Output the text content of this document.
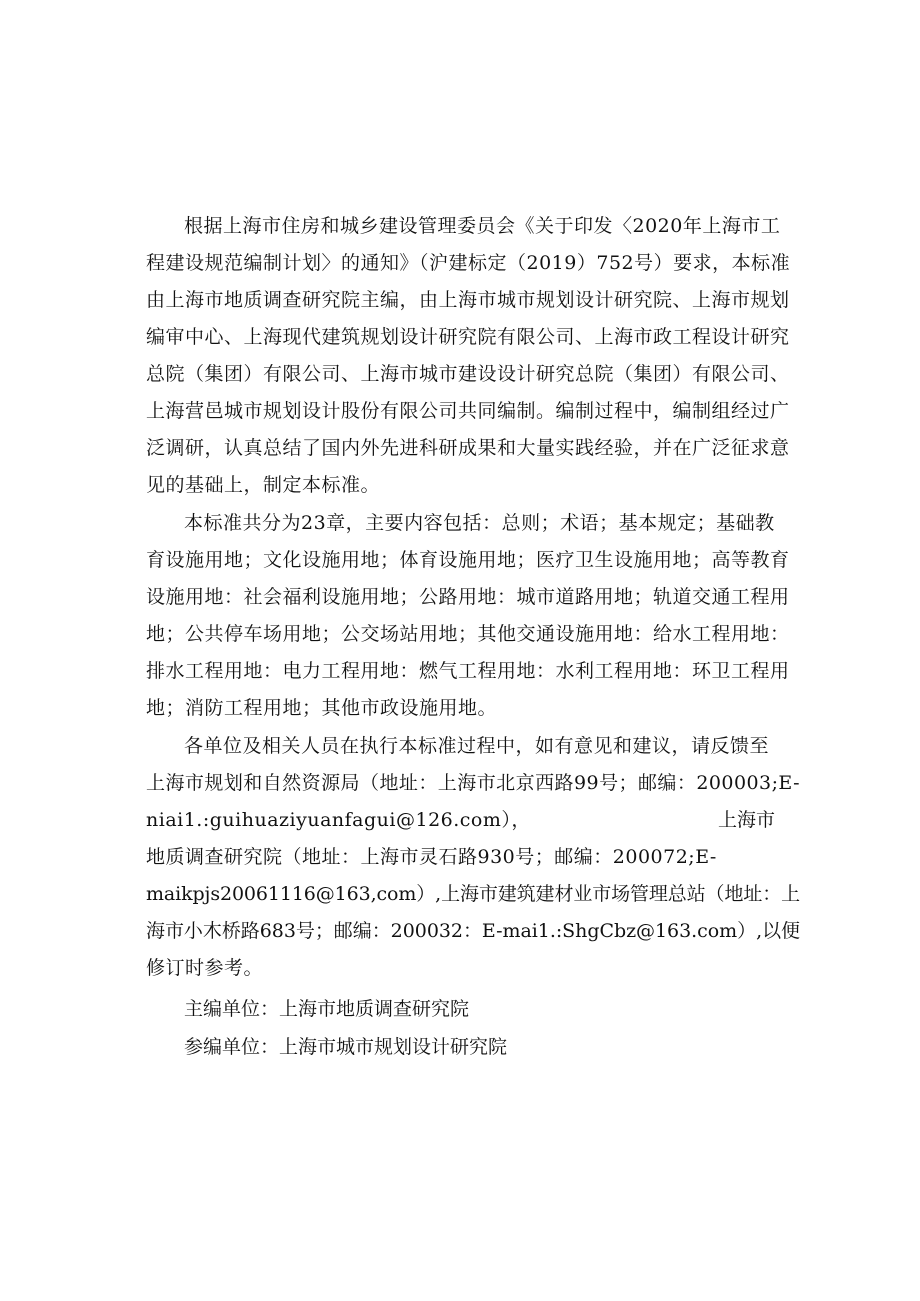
根据上海市住房和城乡建设管理委员会《关于印发〈2020年上海市工
程建设规范编制计划〉的通知》（沪建标定（2019）752号）要求，本标准
由上海市地质调查研究院主编，由上海市城市规划设计研究院、上海市规划
编审中心、上海现代建筑规划设计研究院有限公司、上海市政工程设计研究
总院（集团）有限公司、上海市城市建设设计研究总院（集团）有限公司、
上海营邑城市规划设计股份有限公司共同编制。编制过程中，编制组经过广
泛调研，认真总结了国内外先进科研成果和大量实践经验，并在广泛征求意
见的基础上，制定本标准。
本标准共分为23章，主要内容包括：总则；术语；基本规定；基础教
育设施用地；文化设施用地；体育设施用地；医疗卫生设施用地；高等教育
设施用地：社会福利设施用地；公路用地：城市道路用地；轨道交通工程用
地；公共停车场用地；公交场站用地；其他交通设施用地：给水工程用地：
排水工程用地：电力工程用地：燃气工程用地：水利工程用地：环卫工程用
地；消防工程用地；其他市政设施用地。
各单位及相关人员在执行本标准过程中，如有意见和建议，请反馈至
上海市规划和自然资源局（地址：上海市北京西路99号；邮编：200003;E-
niai1.:guihuaziyuanfagui@126.com），	上海市
地质调查研究院（地址：上海市灵石路930号；邮编：200072;E-
maikpjs20061116@163,com）,上海市建筑建材业市场管理总站（地址：上
海市小木桥路683号；邮编：200032：E-mai1.:ShgCbz@163.com）,以便
修订时参考。
主编单位：上海市地质调查研究院
参编单位：上海市城市规划设计研究院
